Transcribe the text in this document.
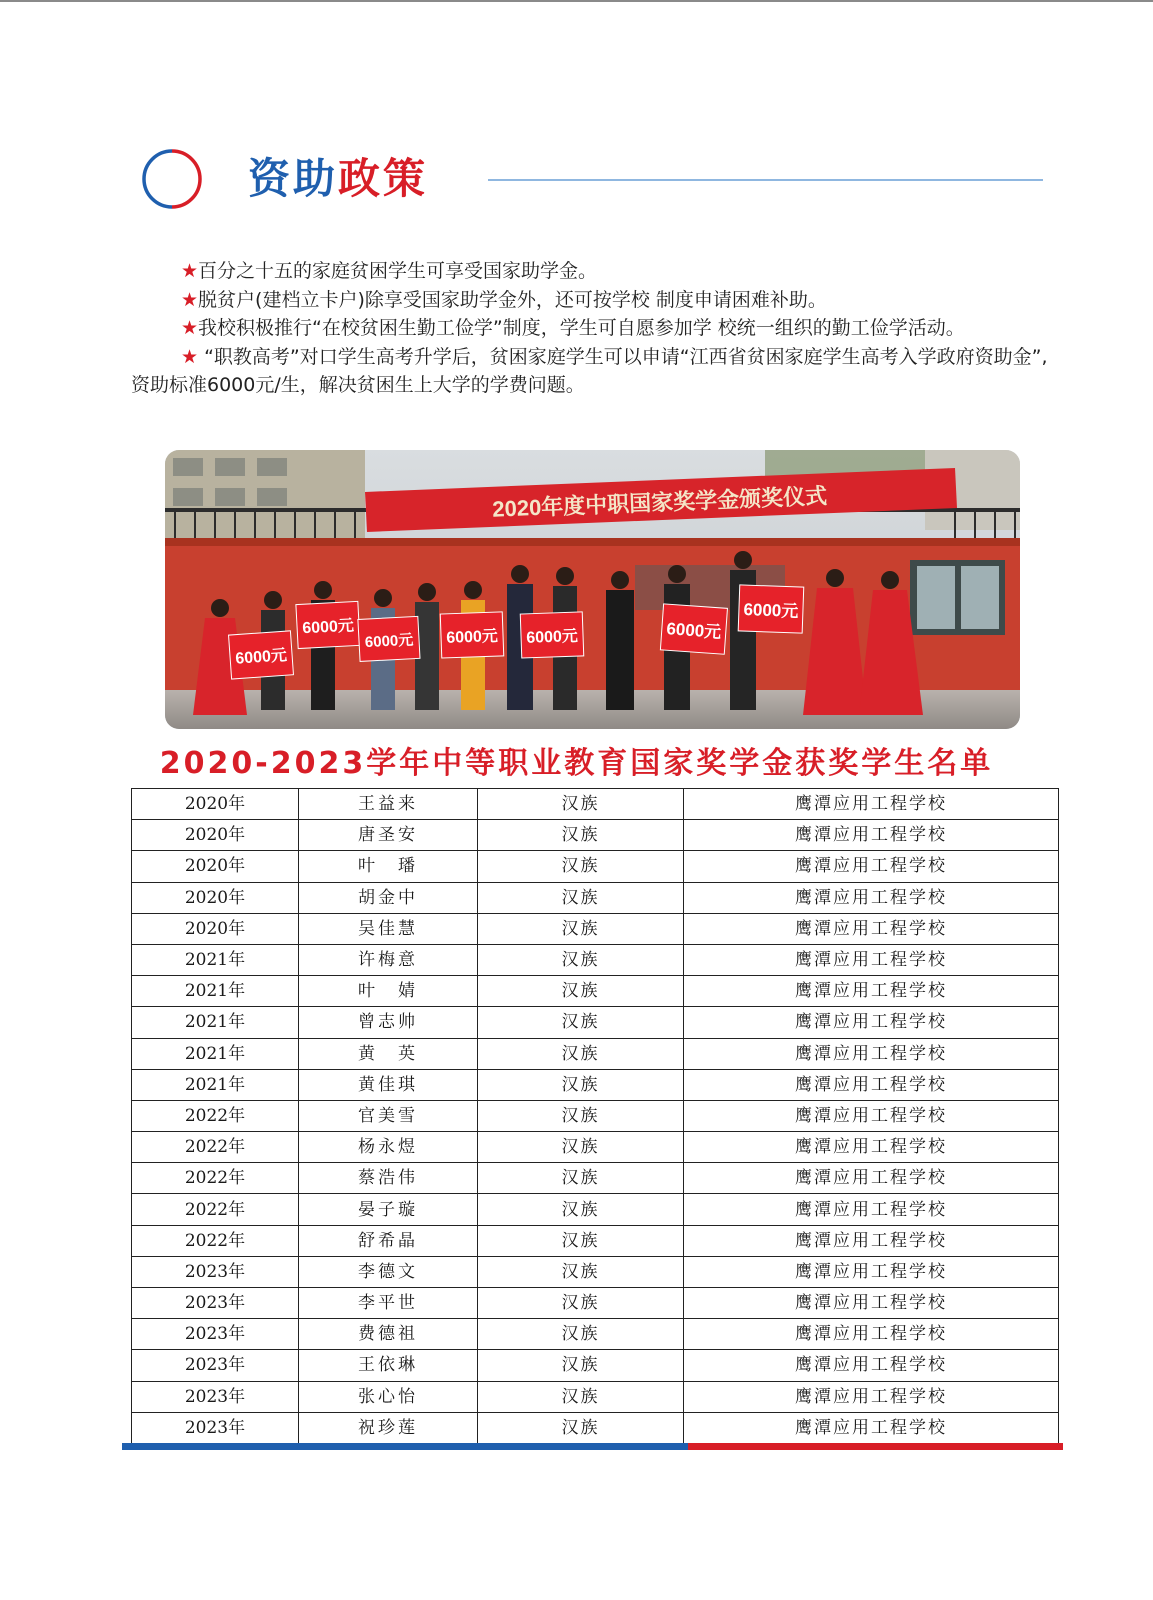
资助政策

★百分之十五的家庭贫困学生可享受国家助学金。

★脱贫户(建档立卡户)除享受国家助学金外，还可按学校 制度申请困难补助。

★我校积极推行“在校贫困生勤工俭学”制度，学生可自愿参加学 校统一组织的勤工俭学活动。

★ “职教高考”对口学生高考升学后，贫困家庭学生可以申请“江西省贫困家庭学生高考入学政府资助金”,资助标准6000元/生，解决贫困生上大学的学费问题。

2020年度中职国家奖学金颁奖仪式
6000元
6000元
6000元 6000元 6000元	6000元
6000元
2020-2023学年中等职业教育国家奖学金获奖学生名单
2020年	王益来	汉族	鹰潭应用工程学校
2020年	唐圣安	汉族	鹰潭应用工程学校
2020年	叶　璠	汉族	鹰潭应用工程学校
2020年	胡金中	汉族	鹰潭应用工程学校
2020年	吴佳慧	汉族	鹰潭应用工程学校
2021年	许梅意	汉族	鹰潭应用工程学校
2021年	叶　婧	汉族	鹰潭应用工程学校
2021年	曾志帅	汉族	鹰潭应用工程学校
2021年	黄　英	汉族	鹰潭应用工程学校
2021年	黄佳琪	汉族	鹰潭应用工程学校
2022年	官美雪	汉族	鹰潭应用工程学校
2022年	杨永煜	汉族	鹰潭应用工程学校
2022年	蔡浩伟	汉族	鹰潭应用工程学校
2022年	晏子璇	汉族	鹰潭应用工程学校
2022年	舒希晶	汉族	鹰潭应用工程学校
2023年	李德文	汉族	鹰潭应用工程学校
2023年	李平世	汉族	鹰潭应用工程学校
2023年	费德祖	汉族	鹰潭应用工程学校
2023年	王依琳	汉族	鹰潭应用工程学校
2023年	张心怡	汉族	鹰潭应用工程学校
2023年	祝珍莲	汉族	鹰潭应用工程学校
